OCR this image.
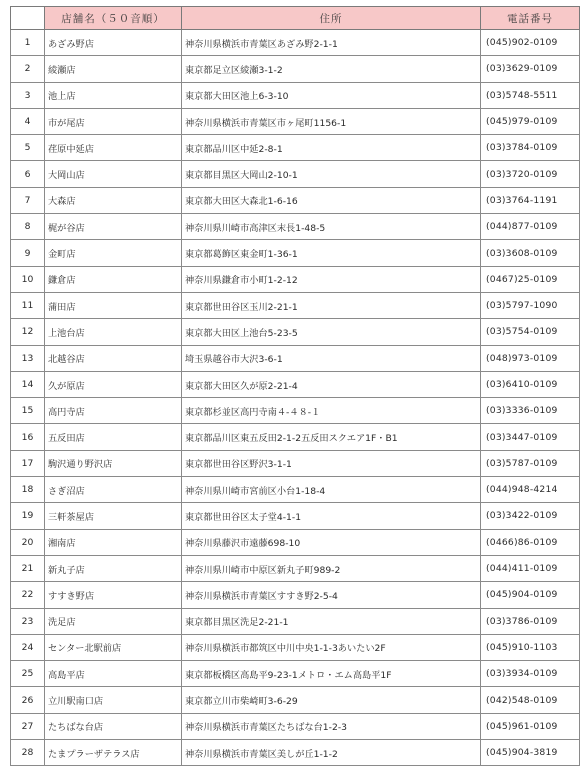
	店舗名（５０音順）	住所	電話番号
1	あざみ野店	神奈川県横浜市青葉区あざみ野2-1-1	(045)902-0109
2	綾瀬店	東京都足立区綾瀬3-1-2	(03)3629-0109
3	池上店	東京都大田区池上6-3-10	(03)5748-5511
4	市が尾店	神奈川県横浜市青葉区市ヶ尾町1156-1	(045)979-0109
5	荏原中延店	東京都品川区中延2-8-1	(03)3784-0109
6	大岡山店	東京都目黒区大岡山2-10-1	(03)3720-0109
7	大森店	東京都大田区大森北1-6-16	(03)3764-1191
8	梶が谷店	神奈川県川崎市高津区末長1-48-5	(044)877-0109
9	金町店	東京都葛飾区東金町1-36-1	(03)3608-0109
10	鎌倉店	神奈川県鎌倉市小町1-2-12	(0467)25-0109
11	蒲田店	東京都世田谷区玉川2-21-1	(03)5797-1090
12	上池台店	東京都大田区上池台5-23-5	(03)5754-0109
13	北越谷店	埼玉県越谷市大沢3-6-1	(048)973-0109
14	久が原店	東京都大田区久が原2-21-4	(03)6410-0109
15	高円寺店	東京都杉並区高円寺南４-４８-１	(03)3336-0109
16	五反田店	東京都品川区東五反田2-1-2五反田スクエア1F・B1	(03)3447-0109
17	駒沢通り野沢店	東京都世田谷区野沢3-1-1	(03)5787-0109
18	さぎ沼店	神奈川県川崎市宮前区小台1-18-4	(044)948-4214
19	三軒茶屋店	東京都世田谷区太子堂4-1-1	(03)3422-0109
20	湘南店	神奈川県藤沢市遠藤698-10	(0466)86-0109
21	新丸子店	神奈川県川崎市中原区新丸子町989-2	(044)411-0109
22	すすき野店	神奈川県横浜市青葉区すすき野2-5-4	(045)904-0109
23	洗足店	東京都目黒区洗足2-21-1	(03)3786-0109
24	センター北駅前店	神奈川県横浜市都筑区中川中央1-1-3あいたい2F	(045)910-1103
25	高島平店	東京都板橋区高島平9-23-1メトロ・エム高島平1F	(03)3934-0109
26	立川駅南口店	東京都立川市柴崎町3-6-29	(042)548-0109
27	たちばな台店	神奈川県横浜市青葉区たちばな台1-2-3	(045)961-0109
28	たまプラーザテラス店	神奈川県横浜市青葉区美しが丘1-1-2	(045)904-3819
